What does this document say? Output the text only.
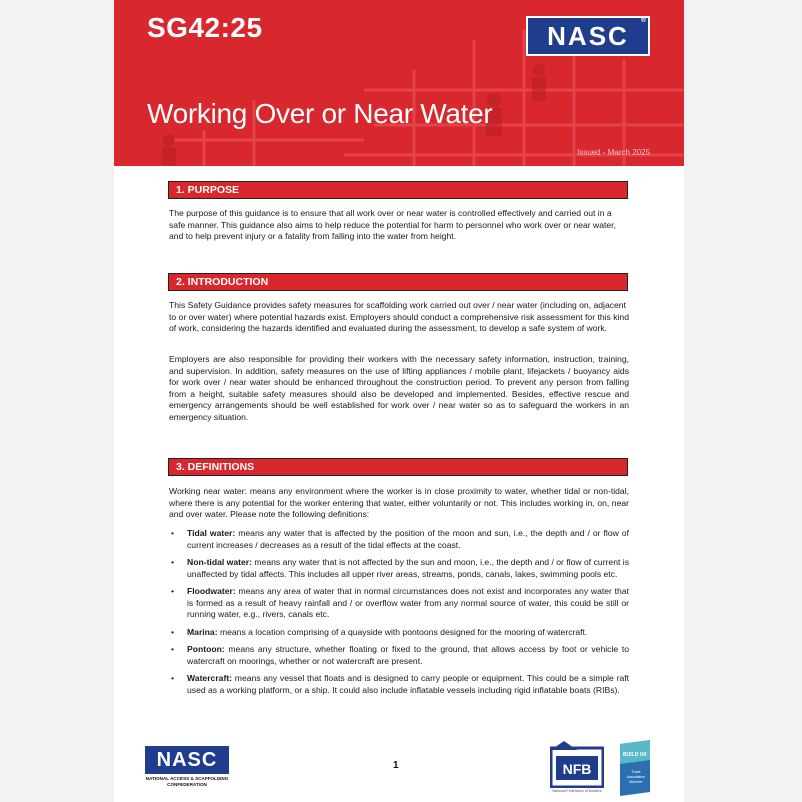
SG42:25
Working Over or Near Water
Issued - March 2025
NASC
®
1. PURPOSE
The purpose of this guidance is to ensure that all work over or near water is controlled effectively and carried out in a safe manner. This guidance also aims to help reduce the potential for harm to personnel who work over or near water, and to help prevent injury or a fatality from falling into the water from height.
2. INTRODUCTION
This Safety Guidance provides safety measures for scaffolding work carried out over / near water (including on, adjacent to or over water) where potential hazards exist. Employers should conduct a comprehensive risk assessment for this kind of work, considering the hazards identified and evaluated during the assessment, to develop a safe system of work.
Employers are also responsible for providing their workers with the necessary safety information, instruction, training, and supervision. In addition, safety measures on the use of lifting appliances / mobile plant, lifejackets / buoyancy aids for work over / near water should be enhanced throughout the construction period. To prevent any person from falling from a height, suitable safety measures should also be developed and implemented. Besides, effective rescue and emergency arrangements should be well established for work over / near water so as to safeguard the workers in an emergency situation.
3. DEFINITIONS
Working near water: means any environment where the worker is in close proximity to water, whether tidal or non-tidal, where there is any potential for the worker entering that water, either voluntarily or not. This includes working in, on, near and over water. Please note the following definitions:
• Tidal water: means any water that is affected by the position of the moon and sun, i.e., the depth and / or flow of current increases / decreases as a result of the tidal effects at the coast.
• Non-tidal water: means any water that is not affected by the sun and moon, i.e., the depth and / or flow of current is unaffected by tidal affects. This includes all upper river areas, streams, ponds, canals, lakes, swimming pools etc.
• Floodwater: means any area of water that in normal circumstances does not exist and incorporates any water that is formed as a result of heavy rainfall and / or overflow water from any normal source of water, this could be still or running water, e.g., rivers, canals etc.
• Marina: means a location comprising of a quayside with pontoons designed for the mooring of watercraft.
• Pontoon: means any structure, whether floating or fixed to the ground, that allows access by foot or vehicle to watercraft on moorings, whether or not watercraft are present.
• Watercraft: means any vessel that floats and is designed to carry people or equipment. This could be a simple raft used as a working platform, or a ship. It could also include inflatable vessels including rigid inflatable boats (RIBs).
NASC
NATIONAL ACCESS & SCAFFOLDING CONFEDERATION
1	NFB
National Federation of Builders
BUILD UK
Trade Association Member
